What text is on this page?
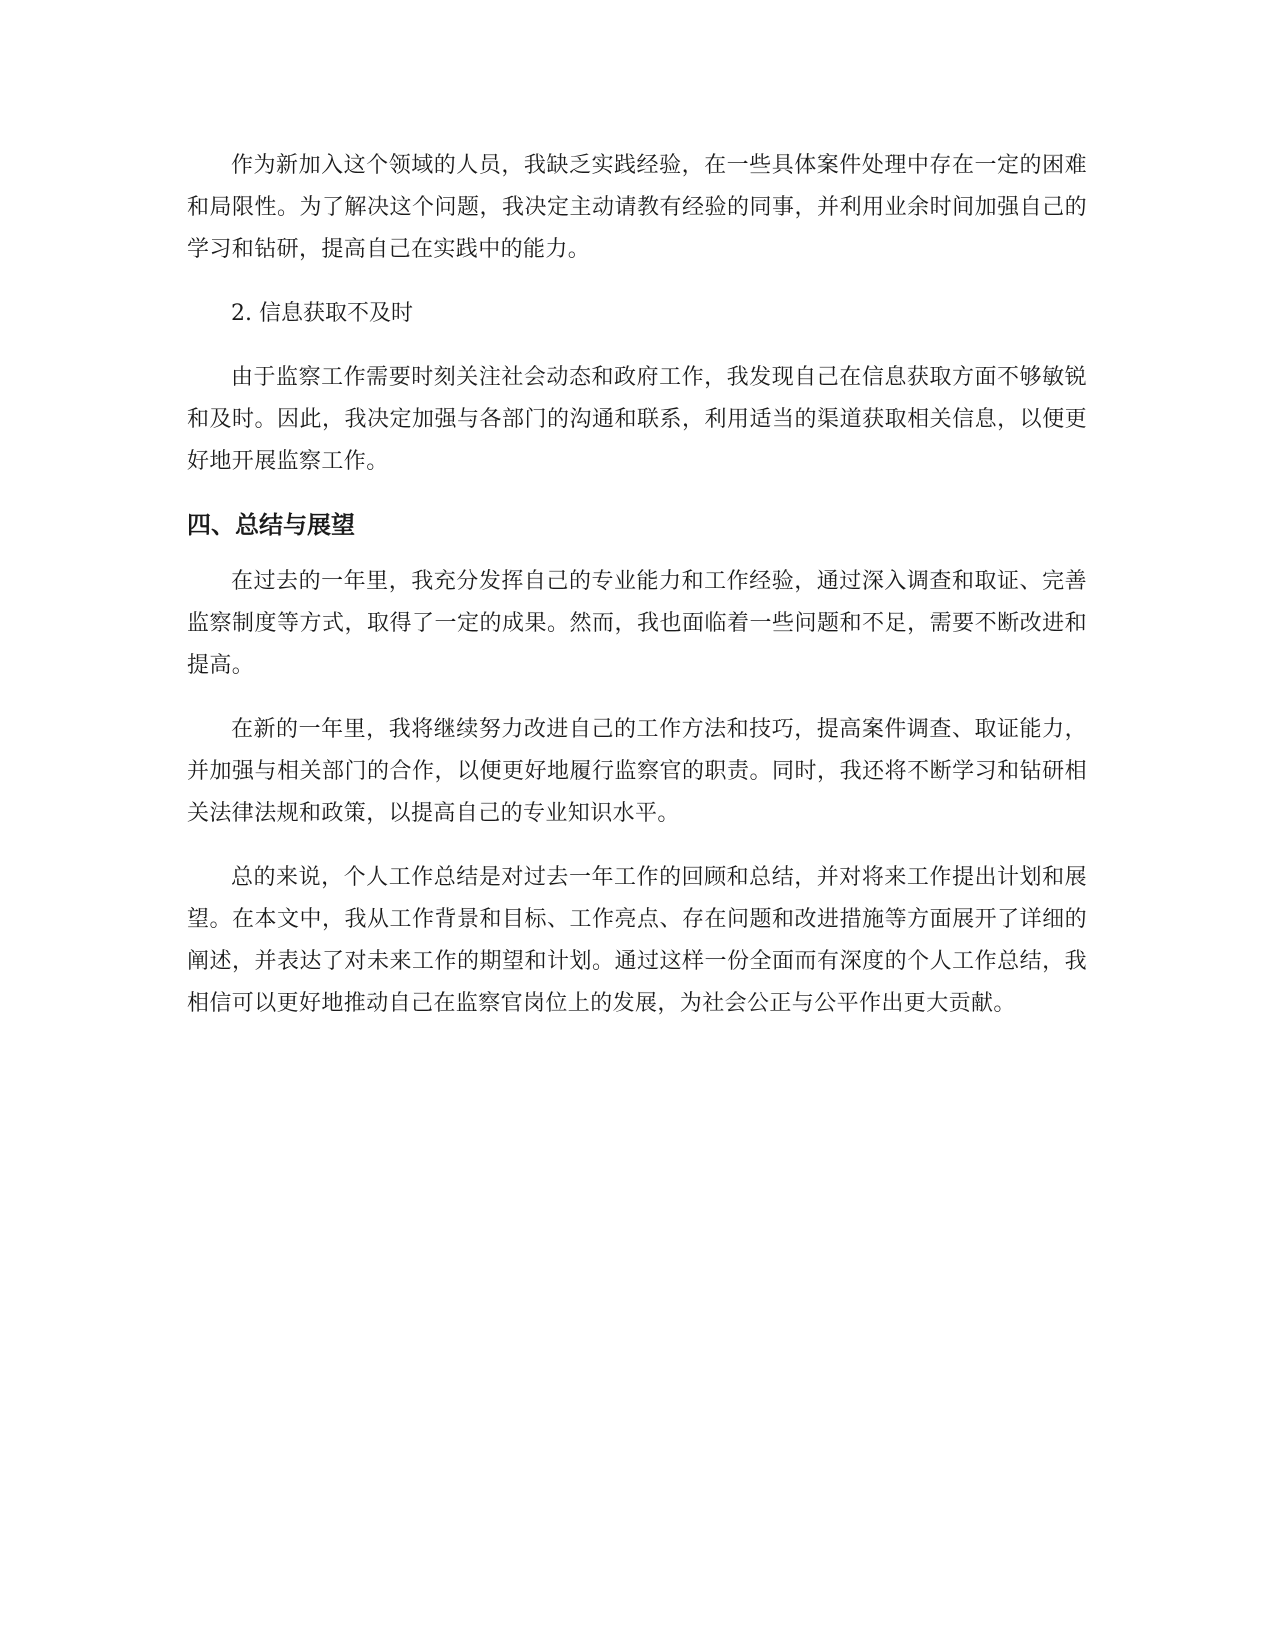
作为新加入这个领域的人员，我缺乏实践经验，在一些具体案件处理中存在一定的困难和局限性。为了解决这个问题，我决定主动请教有经验的同事，并利用业余时间加强自己的学习和钻研，提高自己在实践中的能力。

2. 信息获取不及时

由于监察工作需要时刻关注社会动态和政府工作，我发现自己在信息获取方面不够敏锐和及时。因此，我决定加强与各部门的沟通和联系，利用适当的渠道获取相关信息，以便更好地开展监察工作。

四、总结与展望

在过去的一年里，我充分发挥自己的专业能力和工作经验，通过深入调查和取证、完善监察制度等方式，取得了一定的成果。然而，我也面临着一些问题和不足，需要不断改进和提高。

在新的一年里，我将继续努力改进自己的工作方法和技巧，提高案件调查、取证能力，并加强与相关部门的合作，以便更好地履行监察官的职责。同时，我还将不断学习和钻研相关法律法规和政策，以提高自己的专业知识水平。

总的来说，个人工作总结是对过去一年工作的回顾和总结，并对将来工作提出计划和展望。在本文中，我从工作背景和目标、工作亮点、存在问题和改进措施等方面展开了详细的阐述，并表达了对未来工作的期望和计划。通过这样一份全面而有深度的个人工作总结，我相信可以更好地推动自己在监察官岗位上的发展，为社会公正与公平作出更大贡献。
